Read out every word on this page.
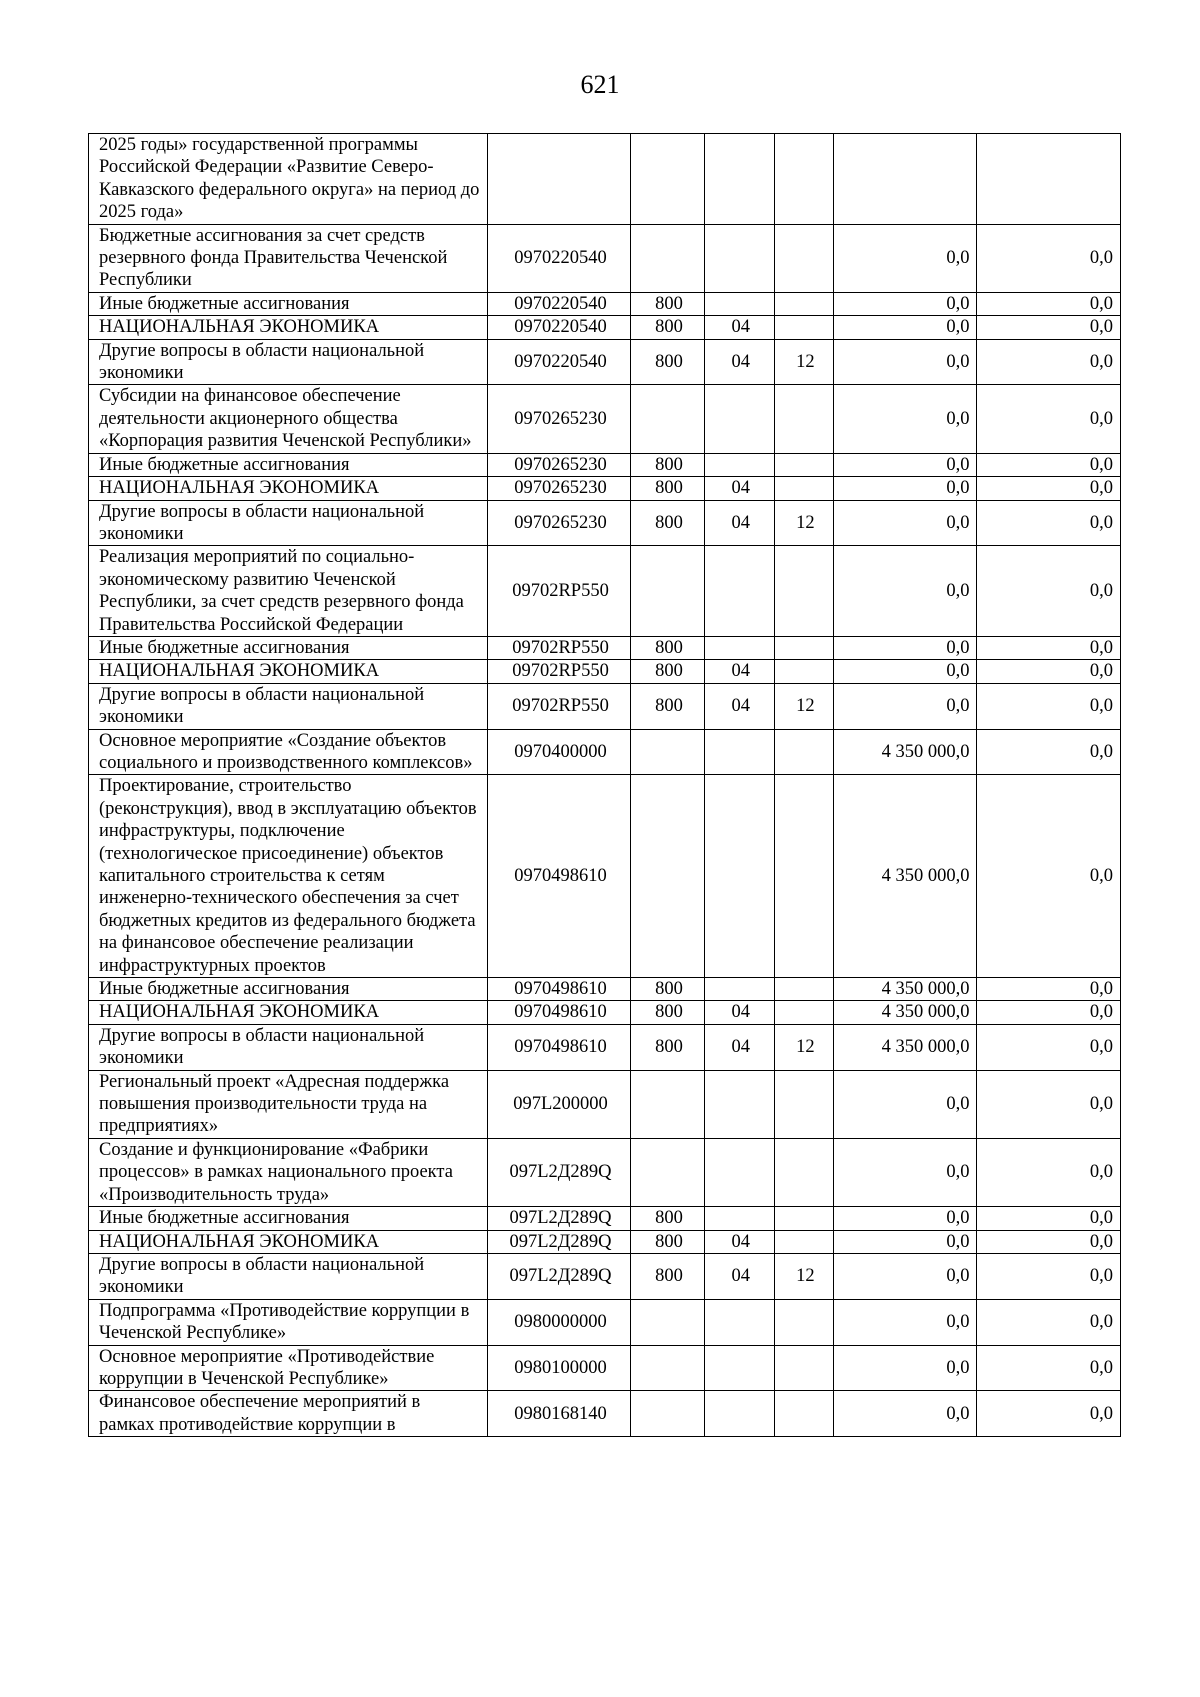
621
2025 годы» государственной программы Российской Федерации «Развитие Северо-Кавказского федерального округа» на период до 2025 года»						
Бюджетные ассигнования за счет средств резервного фонда Правительства Чеченской Республики	0970220540				0,0	0,0
Иные бюджетные ассигнования	0970220540	800			0,0	0,0
НАЦИОНАЛЬНАЯ ЭКОНОМИКА	0970220540	800	04		0,0	0,0
Другие вопросы в области национальной экономики	0970220540	800	04	12	0,0	0,0
Субсидии на финансовое обеспечение деятельности акционерного общества «Корпорация развития Чеченской Республики»	0970265230				0,0	0,0
Иные бюджетные ассигнования	0970265230	800			0,0	0,0
НАЦИОНАЛЬНАЯ ЭКОНОМИКА	0970265230	800	04		0,0	0,0
Другие вопросы в области национальной экономики	0970265230	800	04	12	0,0	0,0
Реализация мероприятий по социально-экономическому развитию Чеченской Республики, за счет средств резервного фонда Правительства Российской Федерации	09702RP550				0,0	0,0
Иные бюджетные ассигнования	09702RP550	800			0,0	0,0
НАЦИОНАЛЬНАЯ ЭКОНОМИКА	09702RP550	800	04		0,0	0,0
Другие вопросы в области национальной экономики	09702RP550	800	04	12	0,0	0,0
Основное мероприятие «Создание объектов социального и производственного комплексов»	0970400000				4 350 000,0	0,0
Проектирование, строительство (реконструкция), ввод в эксплуатацию объектов инфраструктуры, подключение (технологическое присоединение) объектов капитального строительства к сетям инженерно-технического обеспечения за счет бюджетных кредитов из федерального бюджета на финансовое обеспечение реализации инфраструктурных проектов	0970498610				4 350 000,0	0,0
Иные бюджетные ассигнования	0970498610	800			4 350 000,0	0,0
НАЦИОНАЛЬНАЯ ЭКОНОМИКА	0970498610	800	04		4 350 000,0	0,0
Другие вопросы в области национальной экономики	0970498610	800	04	12	4 350 000,0	0,0
Региональный проект «Адресная поддержка повышения производительности труда на предприятиях»	097L200000				0,0	0,0
Создание и функционирование «Фабрики процессов» в рамках национального проекта «Производительность труда»	097L2Д289Q				0,0	0,0
Иные бюджетные ассигнования	097L2Д289Q	800			0,0	0,0
НАЦИОНАЛЬНАЯ ЭКОНОМИКА	097L2Д289Q	800	04		0,0	0,0
Другие вопросы в области национальной экономики	097L2Д289Q	800	04	12	0,0	0,0
Подпрограмма «Противодействие коррупции в Чеченской Республике»	0980000000				0,0	0,0
Основное мероприятие «Противодействие коррупции в Чеченской Республике»	0980100000				0,0	0,0
Финансовое обеспечение мероприятий в рамках противодействие коррупции в	0980168140				0,0	0,0
